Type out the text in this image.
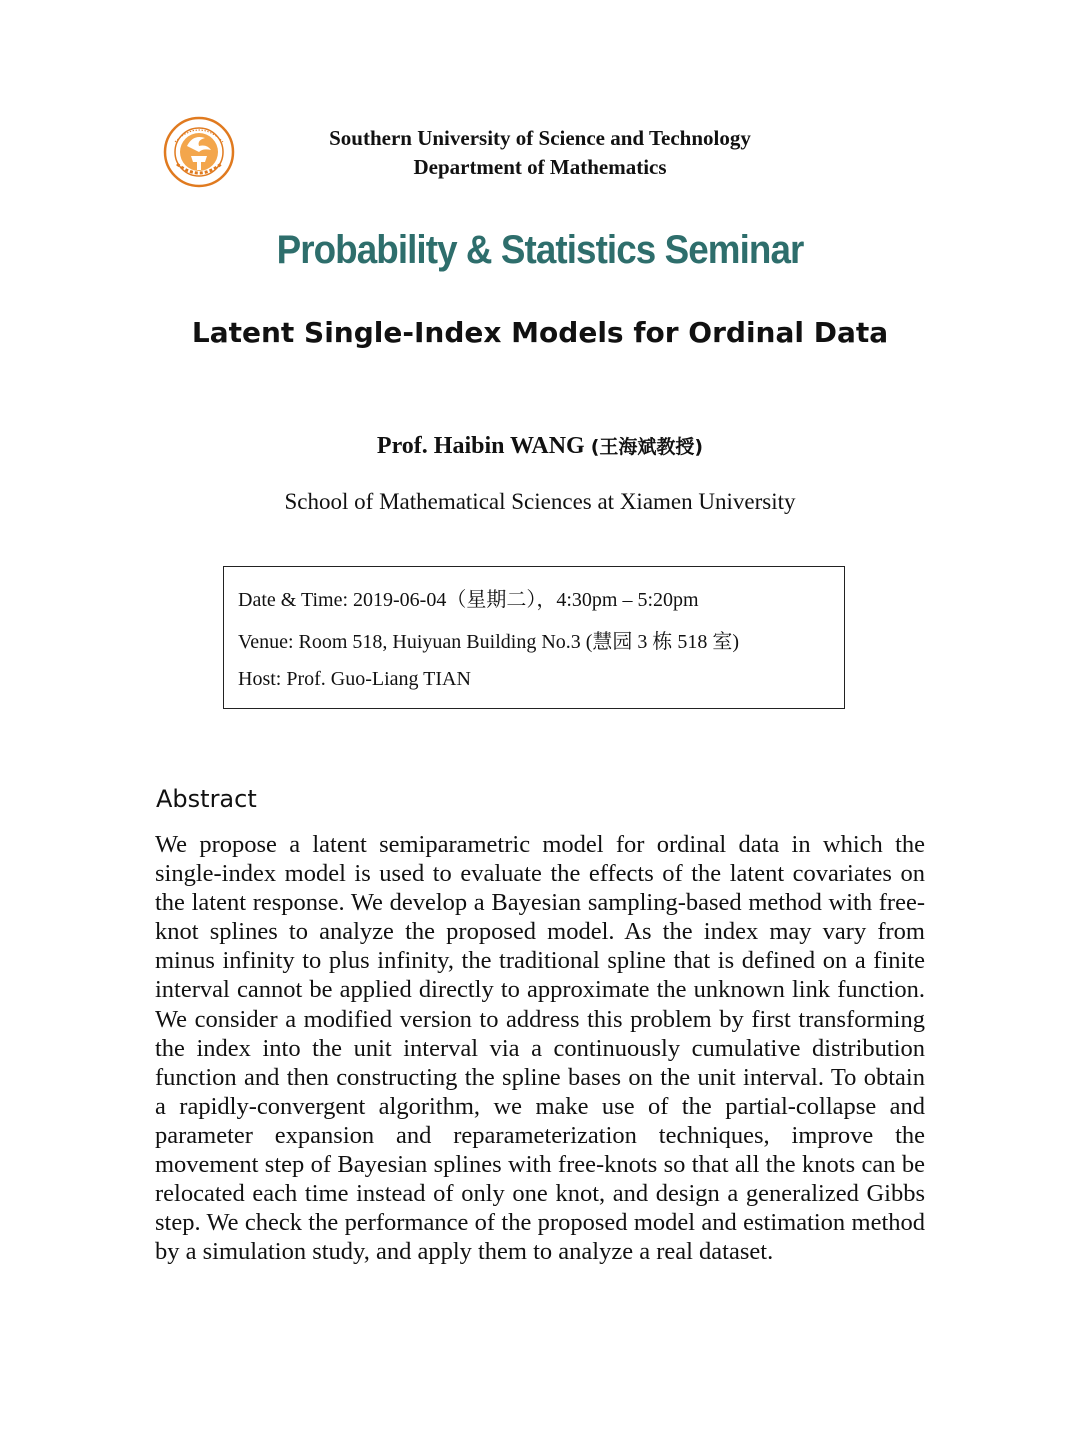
Southern University of Science and Technology
Department of Mathematics
Probability & Statistics Seminar
Latent Single-Index Models for Ordinal Data
Prof. Haibin WANG (王海斌教授)
School of Mathematical Sciences at Xiamen University
Date & Time: 2019-06-04（星期二），4:30pm – 5:20pm
Venue: Room 518, Huiyuan Building No.3 (慧园 3 栋 518 室)
Host: Prof. Guo-Liang TIAN
Abstract
We propose a latent semiparametric model for ordinal data in which the single-index model is used to evaluate the effects of the latent covariates on the latent response. We develop a Bayesian sampling-based method with free-knot splines to analyze the proposed model. As the index may vary from minus infinity to plus infinity, the traditional spline that is defined on a finite interval cannot be applied directly to approximate the unknown link function. We consider a modified version to address this problem by first transforming the index into the unit interval via a continuously cumulative distribution function and then constructing the spline bases on the unit interval. To obtain a rapidly-convergent algorithm, we make use of the partial-collapse and parameter expansion and reparameterization techniques, improve the movement step of Bayesian splines with free-knots so that all the knots can be relocated each time instead of only one knot, and design a generalized Gibbs step. We check the performance of the proposed model and estimation method by a simulation study, and apply them to analyze a real dataset.
